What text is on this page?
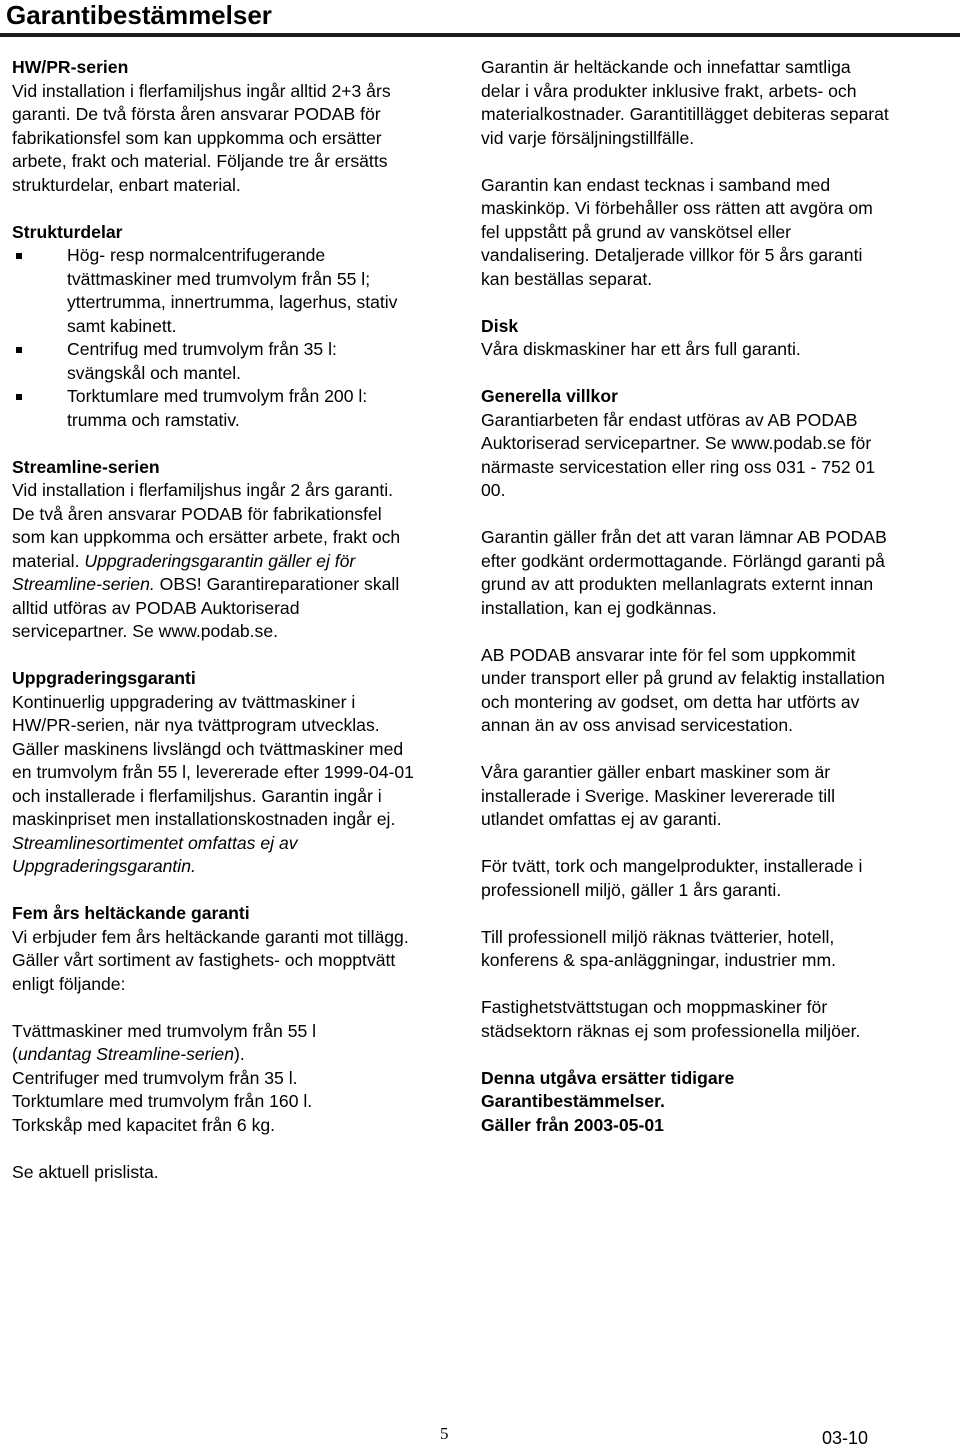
Garantibestämmelser

HW/PR-serien
Vid installation i flerfamiljshus ingår alltid 2+3 års garanti. De två första åren ansvarar PODAB för fabrikationsfel som kan uppkomma och ersätter arbete, frakt och material. Följande tre år ersätts strukturdelar, enbart material.

Strukturdelar

Hög- resp normalcentrifugerande tvättmaskiner med trumvolym från 55 l; yttertrumma, innertrumma, lagerhus, stativ samt kabinett.
Centrifug med trumvolym från 35 l: svängskål och mantel.
Torktumlare med trumvolym från 200 l: trumma och ramstativ.

Streamline-serien
Vid installation i flerfamiljshus ingår 2 års garanti. De två åren ansvarar PODAB för fabrikationsfel som kan uppkomma och ersätter arbete, frakt och material. Uppgraderingsgarantin gäller ej för Streamline-serien. OBS! Garantireparationer skall alltid utföras av PODAB Auktoriserad servicepartner. Se www.podab.se.

Uppgraderingsgaranti
Kontinuerlig uppgradering av tvättmaskiner i HW/PR-serien, när nya tvättprogram utvecklas. Gäller maskinens livslängd och tvättmaskiner med en trumvolym från 55 l, levererade efter 1999-04-01 och installerade i flerfamiljshus. Garantin ingår i maskinpriset men installationskostnaden ingår ej. Streamlinesortimentet omfattas ej av Uppgraderingsgarantin.

Fem års heltäckande garanti
Vi erbjuder fem års heltäckande garanti mot tillägg. Gäller vårt sortiment av fastighets- och mopptvätt enligt följande:

Tvättmaskiner med trumvolym från 55 l
(undantag Streamline-serien).
Centrifuger med trumvolym från 35 l.
Torktumlare med trumvolym från 160 l.
Torkskåp med kapacitet från 6 kg.

Se aktuell prislista.

Garantin är heltäckande och innefattar samtliga delar i våra produkter inklusive frakt, arbets- och materialkostnader. Garantitillägget debiteras separat vid varje försäljningstillfälle.

Garantin kan endast tecknas i samband med maskinköp. Vi förbehåller oss rätten att avgöra om fel uppstått på grund av vanskötsel eller vandalisering. Detaljerade villkor för 5 års garanti kan beställas separat.

Disk
Våra diskmaskiner har ett års full garanti.

Generella villkor
Garantiarbeten får endast utföras av AB PODAB Auktoriserad servicepartner. Se www.podab.se för närmaste servicestation eller ring oss 031 - 752 01 00.

Garantin gäller från det att varan lämnar AB PODAB efter godkänt ordermottagande. Förlängd garanti på grund av att produkten mellanlagrats externt innan installation, kan ej godkännas.

AB PODAB ansvarar inte för fel som uppkommit under transport eller på grund av felaktig installation och montering av godset, om detta har utförts av annan än av oss anvisad servicestation.

Våra garantier gäller enbart maskiner som är installerade i Sverige. Maskiner levererade till utlandet omfattas ej av garanti.

För tvätt, tork och mangelprodukter, installerade i professionell miljö, gäller 1 års garanti.

Till professionell miljö räknas tvätterier, hotell, konferens & spa-anläggningar, industrier mm.

Fastighetstvättstugan och moppmaskiner för städsektorn räknas ej som professionella miljöer.

Denna utgåva ersätter tidigare
Garantibestämmelser.
Gäller från 2003-05-01

5	03-10
